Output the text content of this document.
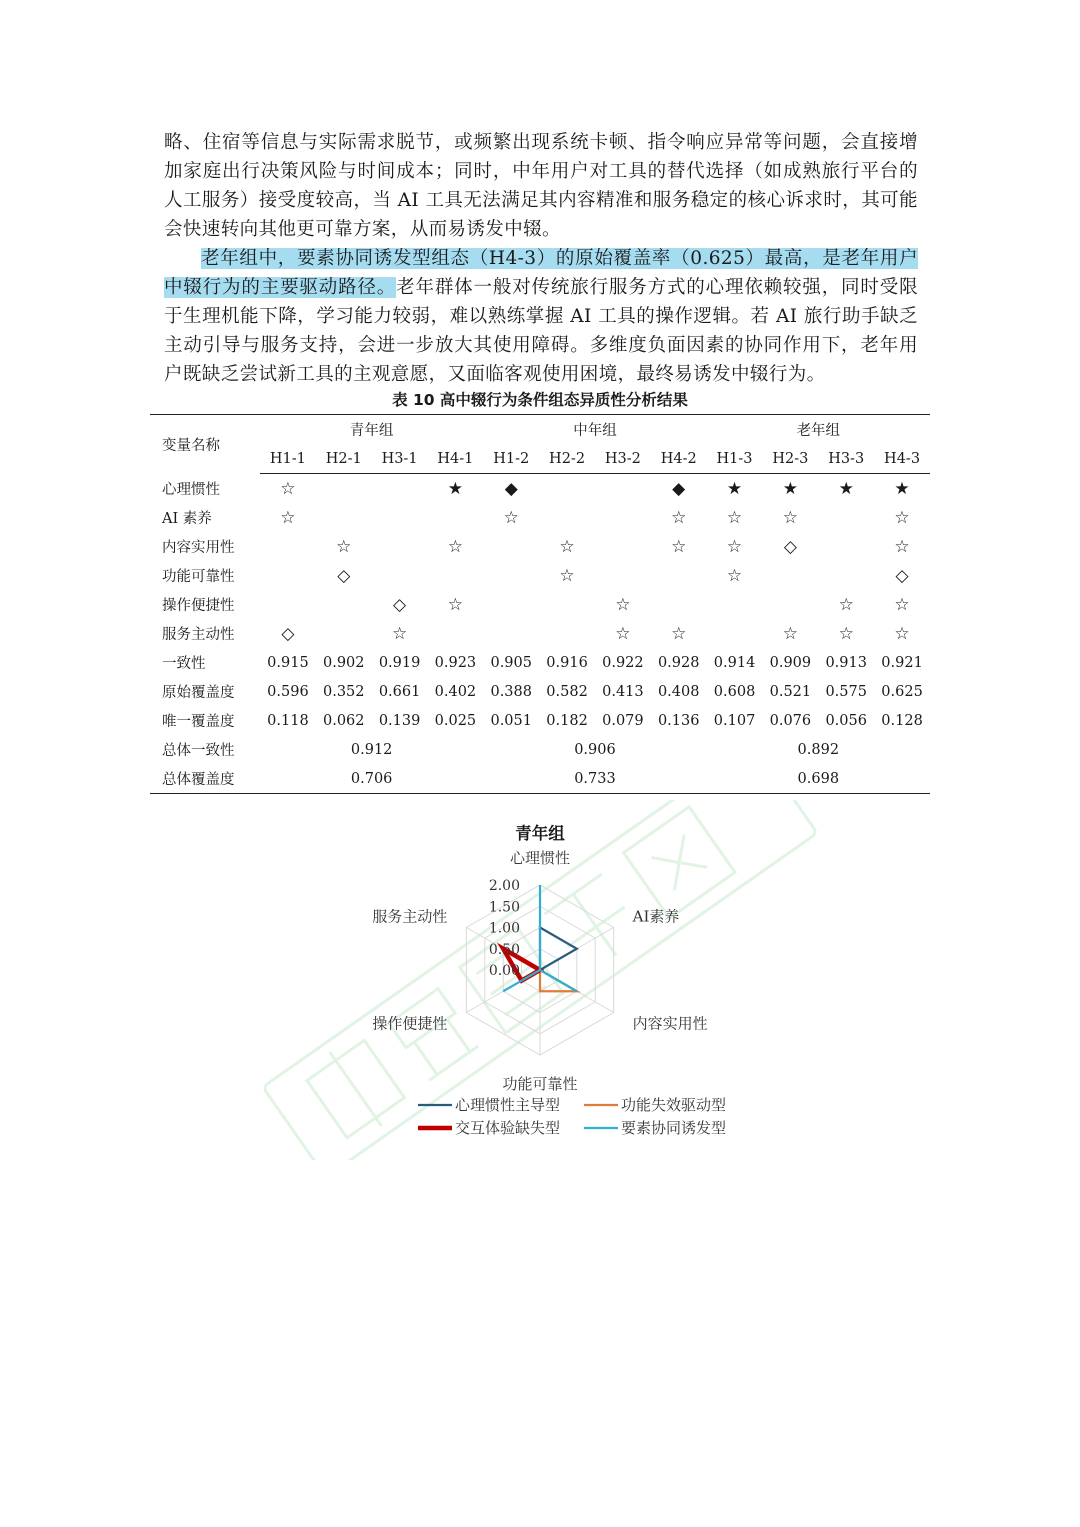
略、住宿等信息与实际需求脱节，或频繁出现系统卡顿、指令响应异常等问题，会直接增加家庭出行决策风险与时间成本；同时，中年用户对工具的替代选择（如成熟旅行平台的人工服务）接受度较高，当 AI 工具无法满足其内容精准和服务稳定的核心诉求时，其可能会快速转向其他更可靠方案，从而易诱发中辍。

老年组中，要素协同诱发型组态（H4-3）的原始覆盖率（0.625）最高，是老年用户中辍行为的主要驱动路径。老年群体一般对传统旅行服务方式的心理依赖较强，同时受限于生理机能下降，学习能力较弱，难以熟练掌握 AI 工具的操作逻辑。若 AI 旅行助手缺乏主动引导与服务支持，会进一步放大其使用障碍。多维度负面因素的协同作用下，老年用户既缺乏尝试新工具的主观意愿，又面临客观使用困境，最终易诱发中辍行为。

表 10 高中辍行为条件组态异质性分析结果
变量名称	青年组				中年组				老年组			
	H1-1	H2-1	H3-1	H4-1	H1-2	H2-2	H3-2	H4-2	H1-3	H2-3	H3-3	H4-3
心理惯性	☆			★	◆			◆	★	★	★	★
AI 素养	☆				☆			☆	☆	☆		☆
内容实用性		☆		☆		☆		☆	☆	◇		☆
功能可靠性		◇				☆			☆			◇
操作便捷性			◇	☆			☆				☆	☆
服务主动性	◇		☆				☆	☆		☆	☆	☆
一致性	0.915	0.902	0.919	0.923	0.905	0.916	0.922	0.928	0.914	0.909	0.913	0.921
原始覆盖度	0.596	0.352	0.661	0.402	0.388	0.582	0.413	0.408	0.608	0.521	0.575	0.625
唯一覆盖度	0.118	0.062	0.139	0.025	0.051	0.182	0.079	0.136	0.107	0.076	0.056	0.128
总体一致性	0.912				0.906				0.892			
总体覆盖度	0.706				0.733				0.698			
青年组
0.00
0.50
1.00
1.50
2.00
心理惯性
AI素养
内容实用性
功能可靠性
操作便捷性
服务主动性
心理惯性主导型	功能失效驱动型
交互体验缺失型	要素协同诱发型
